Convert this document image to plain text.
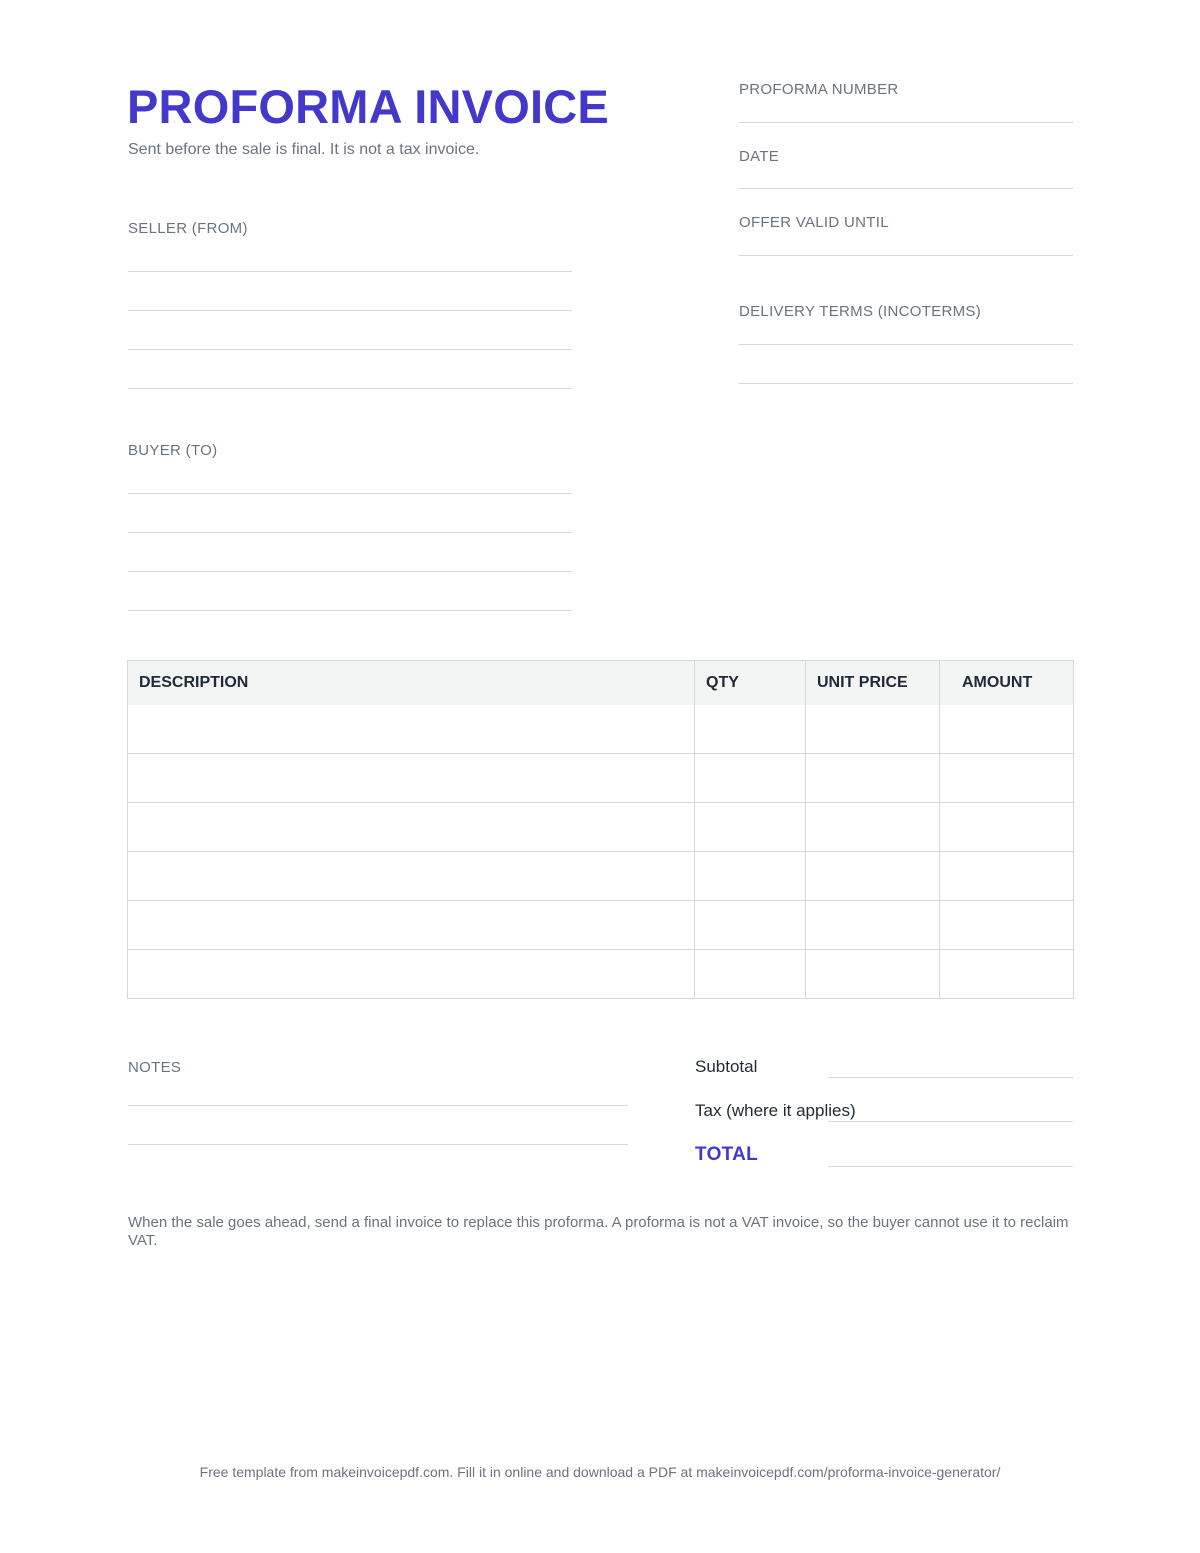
PROFORMA INVOICE
Sent before the sale is final. It is not a tax invoice.
PROFORMA NUMBER
DATE
OFFER VALID UNTIL
DELIVERY TERMS (INCOTERMS)
SELLER (FROM)
BUYER (TO)
DESCRIPTION	QTY	UNIT PRICE	AMOUNT

NOTES	Subtotal
Tax (where it applies)
TOTAL
When the sale goes ahead, send a final invoice to replace this proforma. A proforma is not a VAT invoice, so the buyer cannot use it to reclaim VAT.
Free template from makeinvoicepdf.com. Fill it in online and download a PDF at makeinvoicepdf.com/proforma-invoice-generator/
